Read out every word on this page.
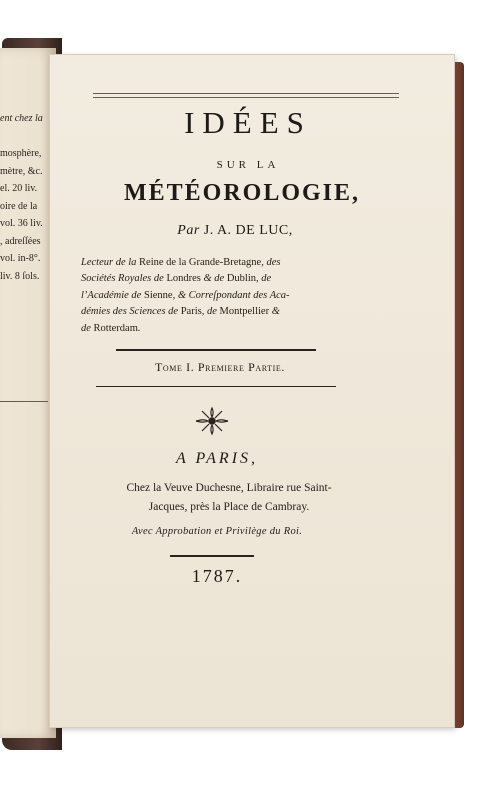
ent chez la

mosphère,
mètre, &c.
el. 20 liv.
oire de la
vol. 36 liv.
, adreſſées
vol. in-8°.
liv. 8 ſols.
IDÉES
SUR LA
MÉTÉOROLOGIE,
Par J. A. DE LUC,
Lecteur de la Reine de la Grande-Bretagne, des
Sociétés Royales de Londres & de Dublin, de
l’Académie de Sienne, & Correſpondant des Aca-
démies des Sciences de Paris, de Montpellier &
de Rotterdam.
Tome I. Premiere Partie.
A PARIS,
Chez la Veuve Duchesne, Libraire rue Saint-
Jacques, près la Place de Cambray.
Avec Approbation et Privilège du Roi.
1787.
